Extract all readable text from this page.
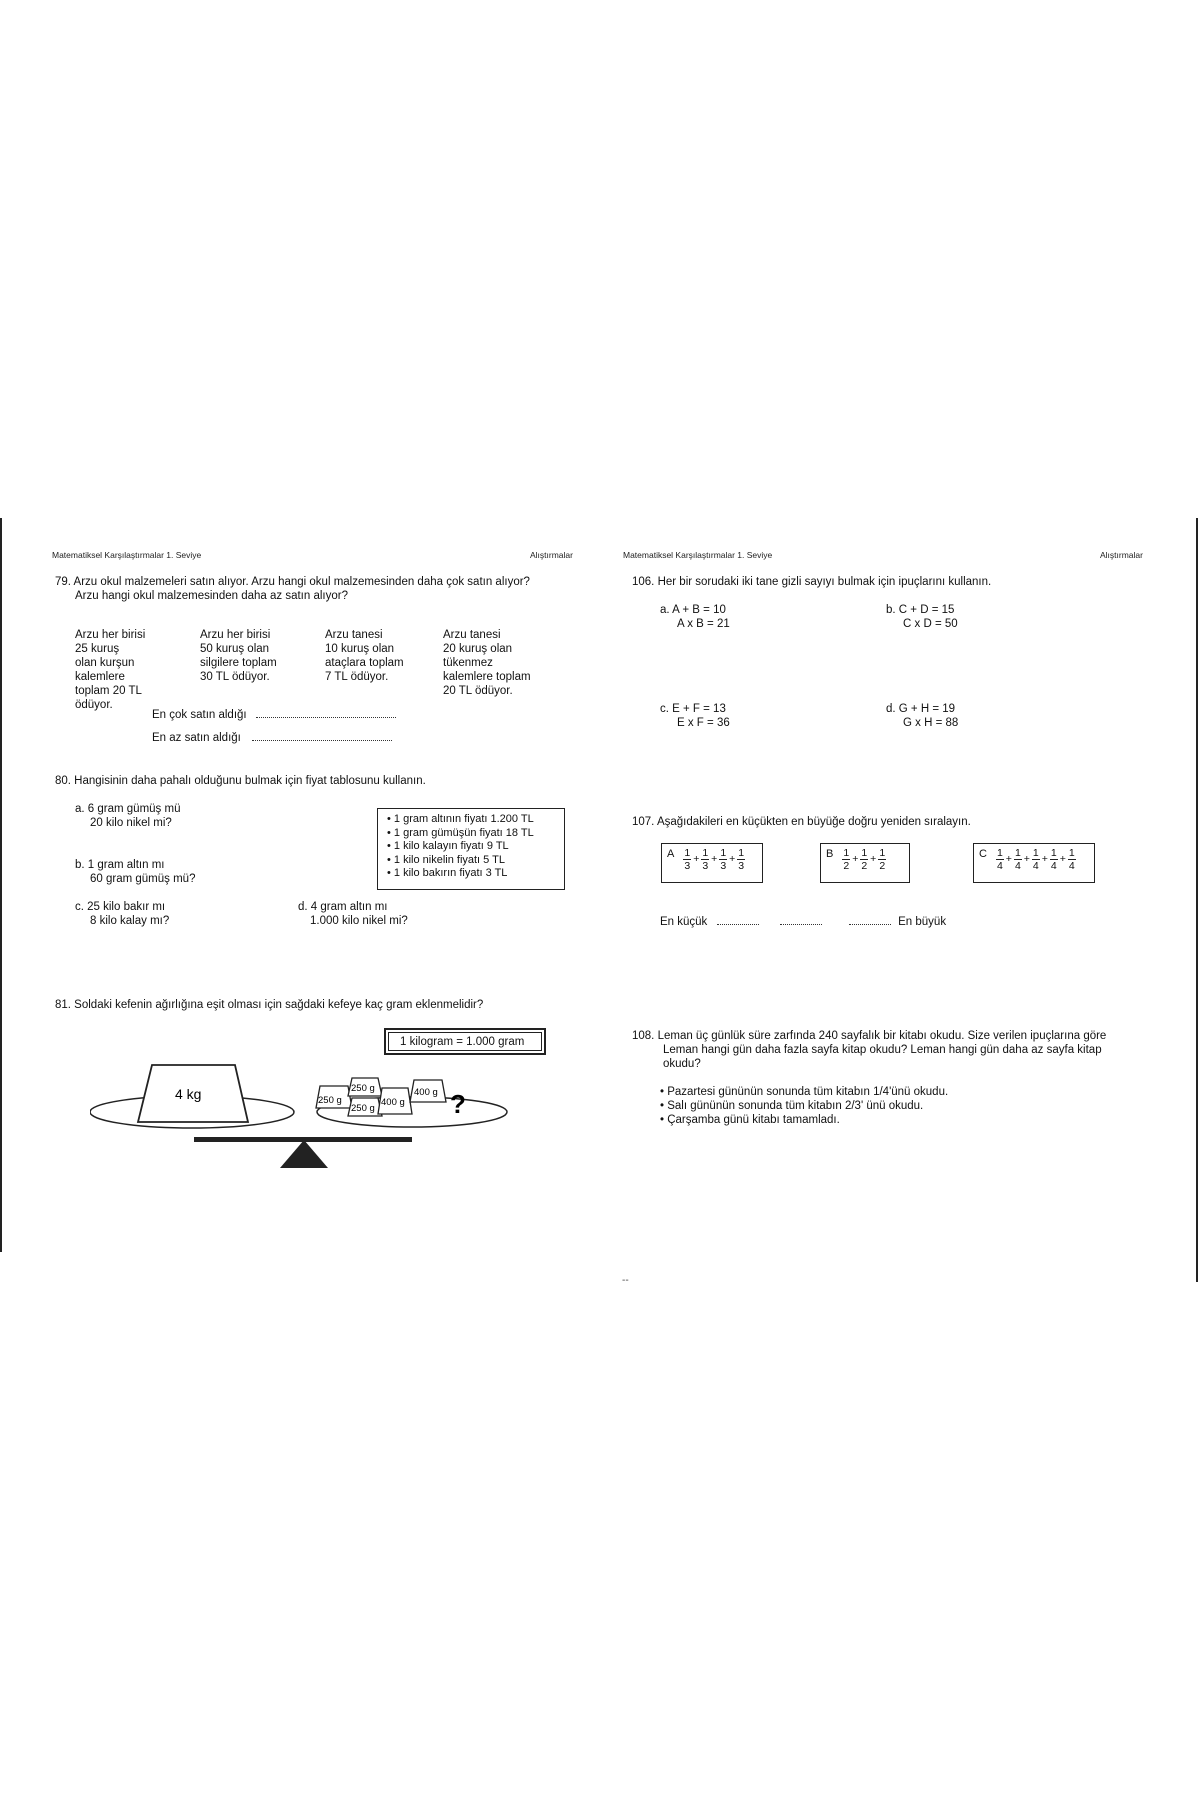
Matematiksel Karşılaştırmalar 1. Seviye	Alıştırmalar	Matematiksel Karşılaştırmalar 1. Seviye	Alıştırmalar
79. Arzu okul malzemeleri satın alıyor. Arzu hangi okul malzemesinden daha çok satın alıyor?
Arzu hangi okul malzemesinden daha az satın alıyor?
Arzu her birisi
25 kuruş
olan kurşun
kalemlere
toplam 20 TL
ödüyor.
Arzu her birisi
50 kuruş olan
silgilere toplam
30 TL ödüyor.
Arzu tanesi
10 kuruş olan
ataçlara toplam
7 TL ödüyor.
Arzu tanesi
20 kuruş olan
tükenmez
kalemlere toplam
20 TL ödüyor.
En çok satın aldığı
En az satın aldığı
80. Hangisinin daha pahalı olduğunu bulmak için fiyat tablosunu kullanın.
a. 6 gram gümüş mü
20 kilo nikel mi?
b. 1 gram altın mı
60 gram gümüş mü?
c. 25 kilo bakır mı
8 kilo kalay mı?
d. 4 gram altın mı
1.000 kilo nikel mi?
• 1 gram altının fiyatı 1.200 TL
• 1 gram gümüşün fiyatı 18 TL
• 1 kilo kalayın fiyatı 9 TL
• 1 kilo nikelin fiyatı 5 TL
• 1 kilo bakırın fiyatı 3 TL
81. Soldaki kefenin ağırlığına eşit olması için sağdaki kefeye kaç gram eklenmelidir?
1 kilogram = 1.000 gram
4 kg	250 g
250 g
250 g
400 g
400 g ?
106. Her bir sorudaki iki tane gizli sayıyı bulmak için ipuçlarını kullanın.
a. A + B = 10
A x B = 21
b. C + D = 15
C x D = 50
c. E + F = 13
E x F = 36
d. G + H = 19
G x H = 88
107. Aşağıdakileri en küçükten en büyüğe doğru yeniden sıralayın.
A $\frac{1}{3} + \frac{1}{3} + \frac{1}{3} + \frac{1}{3}$	B $\frac{1}{2} + \frac{1}{2} + \frac{1}{2}$	C $\frac{1}{4} + \frac{1}{4} + \frac{1}{4} + \frac{1}{4} + \frac{1}{4}$
En küçük	En büyük
108. Leman üç günlük süre zarfında 240 sayfalık bir kitabı okudu. Size verilen ipuçlarına göre
Leman hangi gün daha fazla sayfa kitap okudu? Leman hangi gün daha az sayfa kitap
okudu?
• Pazartesi gününün sonunda tüm kitabın 1/4'ünü okudu.
• Salı gününün sonunda tüm kitabın 2/3' ünü okudu.
• Çarşamba günü kitabı tamamladı.
--
